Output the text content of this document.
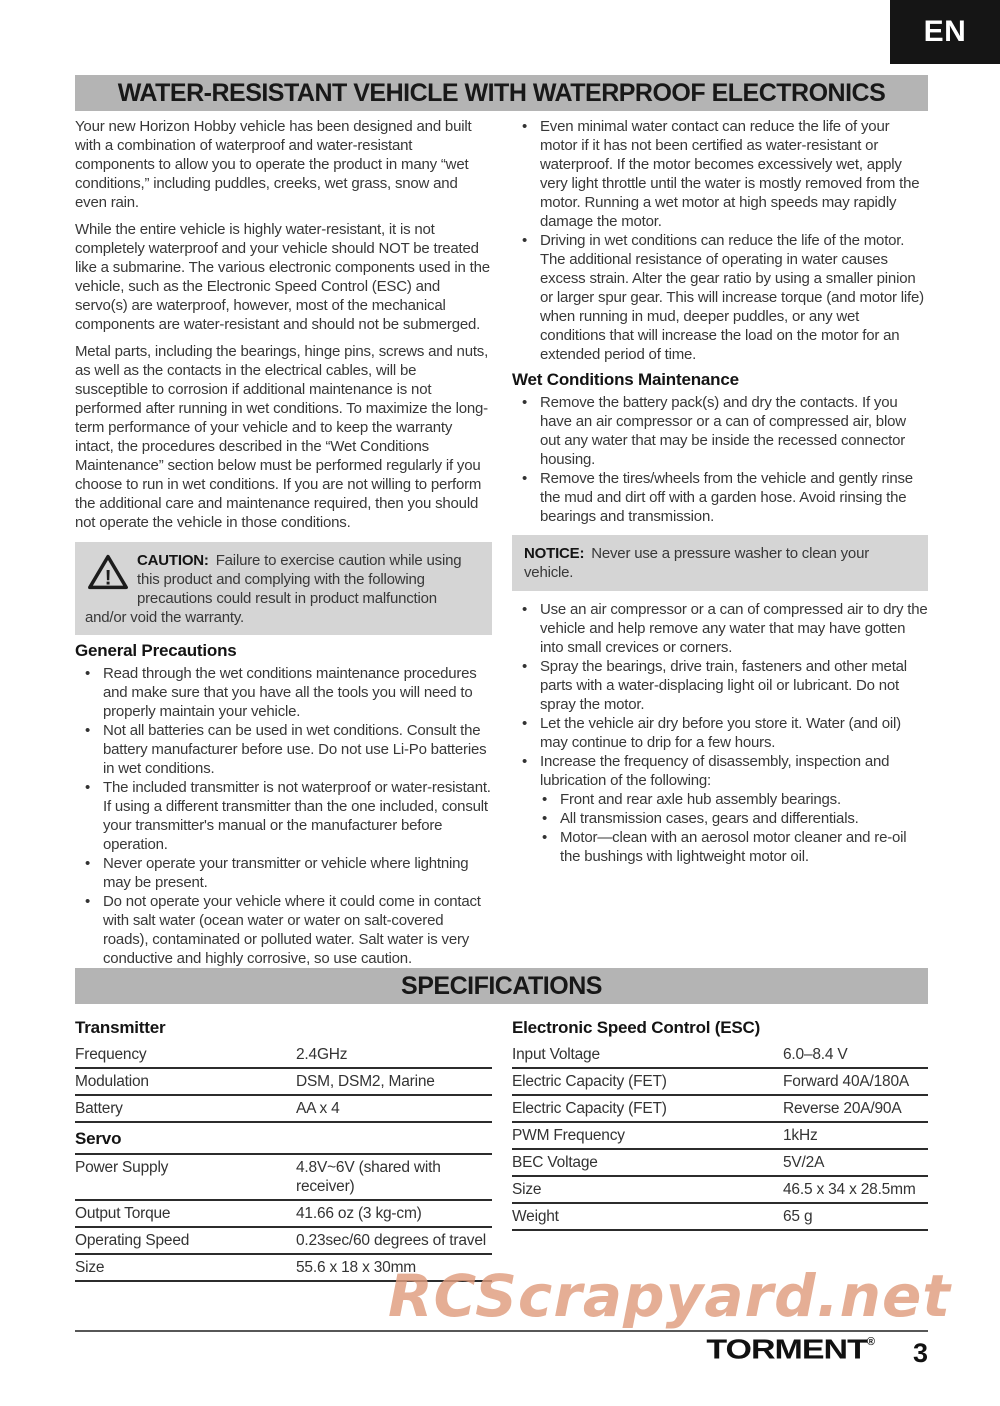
EN
WATER-RESISTANT VEHICLE WITH WATERPROOF ELECTRONICS

Your new Horizon Hobby vehicle has been designed and built with a combination of waterproof and water-resistant components to allow you to operate the product in many “wet conditions,” including puddles, creeks, wet grass, snow and even rain.

While the entire vehicle is highly water-resistant, it is not completely waterproof and your vehicle should NOT be treated like a submarine. The various electronic components used in the vehicle, such as the Electronic Speed Control (ESC) and servo(s) are waterproof, however, most of the mechanical components are water-resistant and should not be submerged.

Metal parts, including the bearings, hinge pins, screws and nuts, as well as the contacts in the electrical cables, will be susceptible to corrosion if additional maintenance is not performed after running in wet conditions. To maximize the long-term performance of your vehicle and to keep the warranty intact, the procedures described in the “Wet Conditions Maintenance” section below must be performed regularly if you choose to run in wet conditions. If you are not willing to perform the additional care and maintenance required, then you should not operate the vehicle in those conditions.

!
CAUTION: Failure to exercise caution while using this product and complying with the following precautions could result in product malfunction and/or void the warranty.
General Precautions
• Read through the wet conditions maintenance procedures and make sure that you have all the tools you will need to properly maintain your vehicle.
• Not all batteries can be used in wet conditions. Consult the battery manufacturer before use. Do not use Li-Po batteries in wet conditions.
• The included transmitter is not waterproof or water-resistant. If using a different transmitter than the one included, consult your transmitter's manual or the manufacturer before operation.
• Never operate your transmitter or vehicle where lightning may be present.
• Do not operate your vehicle where it could come in contact with salt water (ocean water or water on salt-covered roads), contaminated or polluted water. Salt water is very conductive and highly corrosive, so use caution.
• Even minimal water contact can reduce the life of your motor if it has not been certified as water-resistant or waterproof. If the motor becomes excessively wet, apply very light throttle until the water is mostly removed from the motor. Running a wet motor at high speeds may rapidly damage the motor.
• Driving in wet conditions can reduce the life of the motor. The additional resistance of operating in water causes excess strain. Alter the gear ratio by using a smaller pinion or larger spur gear. This will increase torque (and motor life) when running in mud, deeper puddles, or any wet conditions that will increase the load on the motor for an extended period of time.
Wet Conditions Maintenance
• Remove the battery pack(s) and dry the contacts. If you have an air compressor or a can of compressed air, blow out any water that may be inside the recessed connector housing.
• Remove the tires/wheels from the vehicle and gently rinse the mud and dirt off with a garden hose. Avoid rinsing the bearings and transmission.
NOTICE: Never use a pressure washer to clean your vehicle.
• Use an air compressor or a can of compressed air to dry the vehicle and help remove any water that may have gotten into small crevices or corners.
• Spray the bearings, drive train, fasteners and other metal parts with a water-displacing light oil or lubricant. Do not spray the motor.
• Let the vehicle air dry before you store it. Water (and oil) may continue to drip for a few hours.
• Increase the frequency of disassembly, inspection and lubrication of the following:
• Front and rear axle hub assembly bearings.
• All transmission cases, gears and differentials.
• Motor—clean with an aerosol motor cleaner and re-oil the bushings with lightweight motor oil.
SPECIFICATIONS
Transmitter
Frequency	2.4GHz
Modulation	DSM, DSM2, Marine
Battery	AA x 4
Servo
Power Supply	4.8V~6V (shared with receiver)
Output Torque	41.66 oz (3 kg-cm)
Operating Speed	0.23sec/60 degrees of travel
Size	55.6 x 18 x 30mm
Electronic Speed Control (ESC)
Input Voltage	6.0–8.4 V
Electric Capacity (FET)	Forward 40A/180A
Electric Capacity (FET)	Reverse 20A/90A
PWM Frequency	1kHz
BEC Voltage	5V/2A
Size	46.5 x 34 x 28.5mm
Weight	65 g
RCScrapyard.net
TORMENT ® 3
